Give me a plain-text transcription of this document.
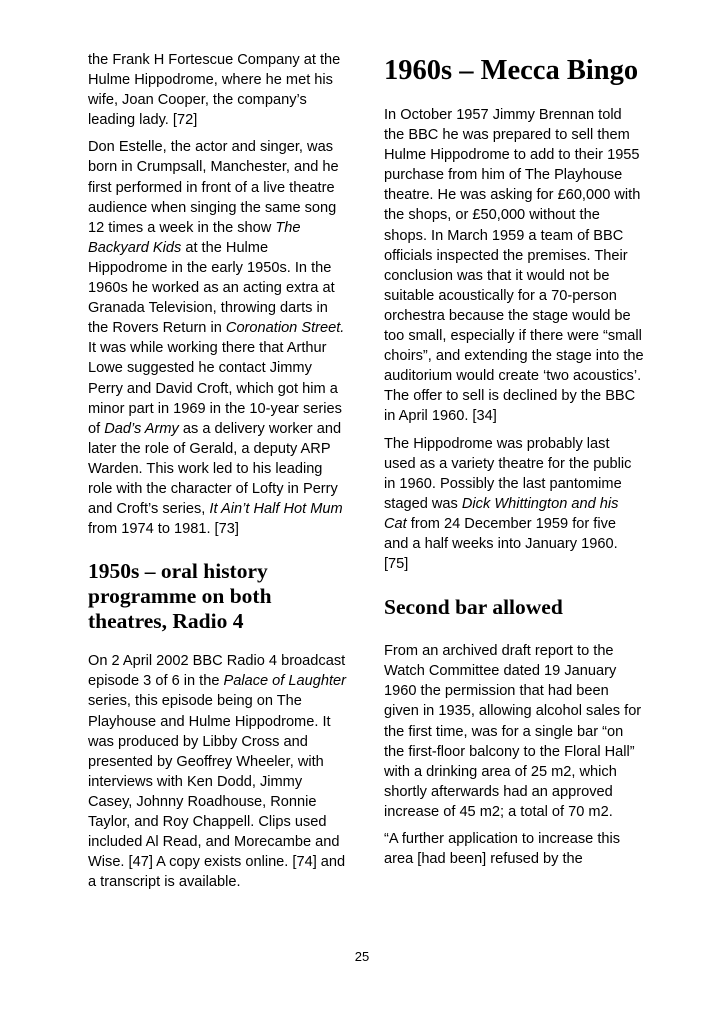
the Frank H Fortescue Company at the Hulme Hippodrome, where he met his wife, Joan Cooper, the company’s leading lady. [72]

Don Estelle, the actor and singer, was born in Crumpsall, Manchester, and he first performed in front of a live theatre audience when singing the same song 12 times a week in the show The Backyard Kids at the Hulme Hippodrome in the early 1950s. In the 1960s he worked as an acting extra at Granada Television, throwing darts in the Rovers Return in Coronation Street. It was while working there that Arthur Lowe suggested he contact Jimmy Perry and David Croft, which got him a minor part in 1969 in the 10-year series of Dad’s Army as a delivery worker and later the role of Gerald, a deputy ARP Warden. This work led to his leading role with the character of Lofty in Perry and Croft’s series, It Ain’t Half Hot Mum from 1974 to 1981. [73]

1950s – oral history programme on both theatres, Radio 4

On 2 April 2002 BBC Radio 4 broadcast episode 3 of 6 in the Palace of Laughter series, this episode being on The Playhouse and Hulme Hippodrome. It was produced by Libby Cross and presented by Geoffrey Wheeler, with interviews with Ken Dodd, Jimmy Casey, Johnny Roadhouse, Ronnie Taylor, and Roy Chappell. Clips used included Al Read, and Morecambe and Wise. [47] A copy exists online. [74] and a transcript is available.

1960s – Mecca Bingo

In October 1957 Jimmy Brennan told the BBC he was prepared to sell them Hulme Hippodrome to add to their 1955 purchase from him of The Playhouse theatre. He was asking for £60,000 with the shops, or £50,000 without the shops. In March 1959 a team of BBC officials inspected the premises. Their conclusion was that it would not be suitable acoustically for a 70-person orchestra because the stage would be too small, especially if there were “small choirs”, and extending the stage into the auditorium would create ‘two acoustics’. The offer to sell is declined by the BBC in April 1960. [34]

The Hippodrome was probably last used as a variety theatre for the public in 1960. Possibly the last pantomime staged was Dick Whittington and his Cat from 24 December 1959 for five and a half weeks into January 1960. [75]

Second bar allowed

From an archived draft report to the Watch Committee dated 19 January 1960 the permission that had been given in 1935, allowing alcohol sales for the first time, was for a single bar “on the first-floor balcony to the Floral Hall” with a drinking area of 25 m2, which shortly afterwards had an approved increase of 45 m2; a total of 70 m2.

“A further application to increase this area [had been] refused by the

25
